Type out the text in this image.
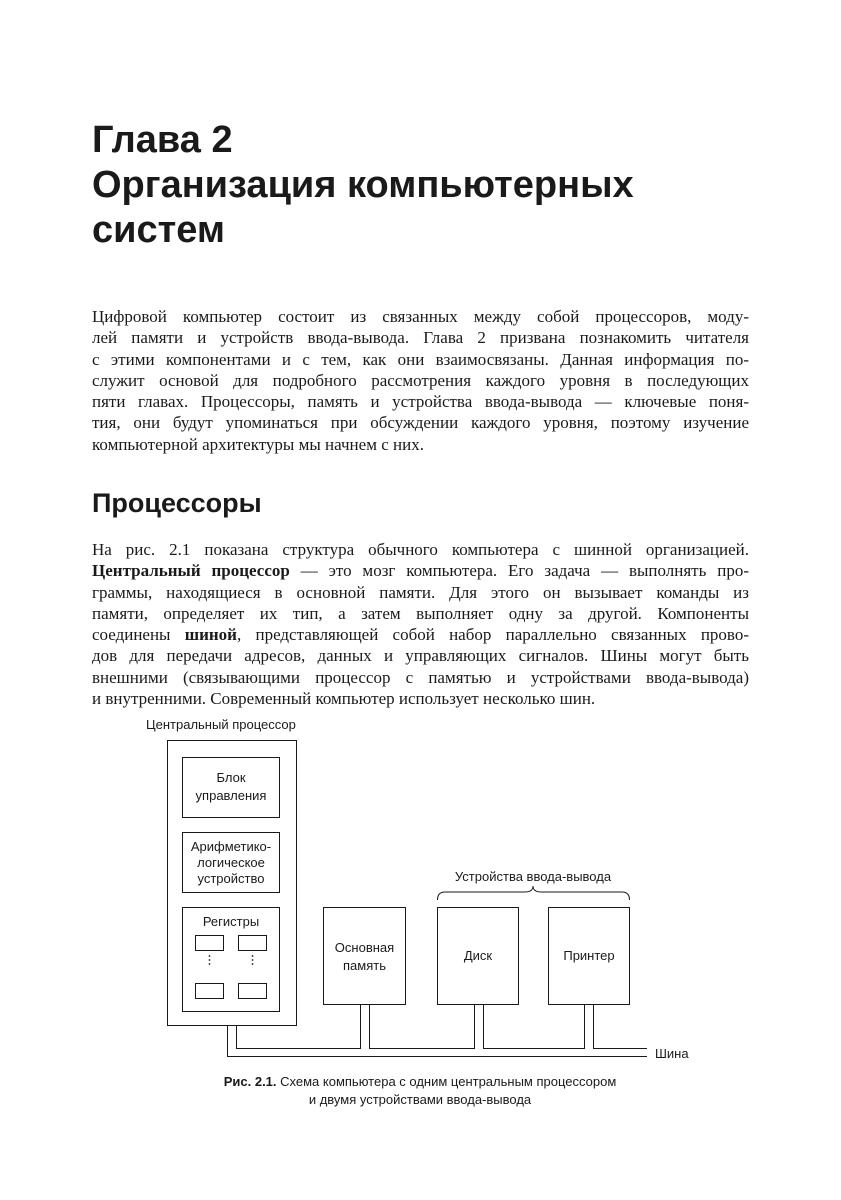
Глава 2
Организация компьютерных
систем
Цифровой компьютер состоит из связанных между собой процессоров, моду-
лей памяти и устройств ввода-вывода. Глава 2 призвана познакомить читателя
с этими компонентами и с тем, как они взаимосвязаны. Данная информация по-
служит основой для подробного рассмотрения каждого уровня в последующих
пяти главах. Процессоры, память и устройства ввода-вывода — ключевые поня-
тия, они будут упоминаться при обсуждении каждого уровня, поэтому изучение
компьютерной архитектуры мы начнем с них.
Процессоры
На рис. 2.1 показана структура обычного компьютера с шинной организацией.
Центральный процессор — это мозг компьютера. Его задача — выполнять про-
граммы, находящиеся в основной памяти. Для этого он вызывает команды из
памяти, определяет их тип, а затем выполняет одну за другой. Компоненты
соединены шиной, представляющей собой набор параллельно связанных прово-
дов для передачи адресов, данных и управляющих сигналов. Шины могут быть
внешними (связывающими процессор с памятью и устройствами ввода-вывода)
и внутренними. Современный компьютер использует несколько шин.
Центральный процессор
Блок
управления
Арифметико-
логическое
устройство
Регистры
Основная
память
Устройства ввода-вывода
Диск	Принтер
Шина
Рис. 2.1. Схема компьютера с одним центральным процессором
и двумя устройствами ввода-вывода
